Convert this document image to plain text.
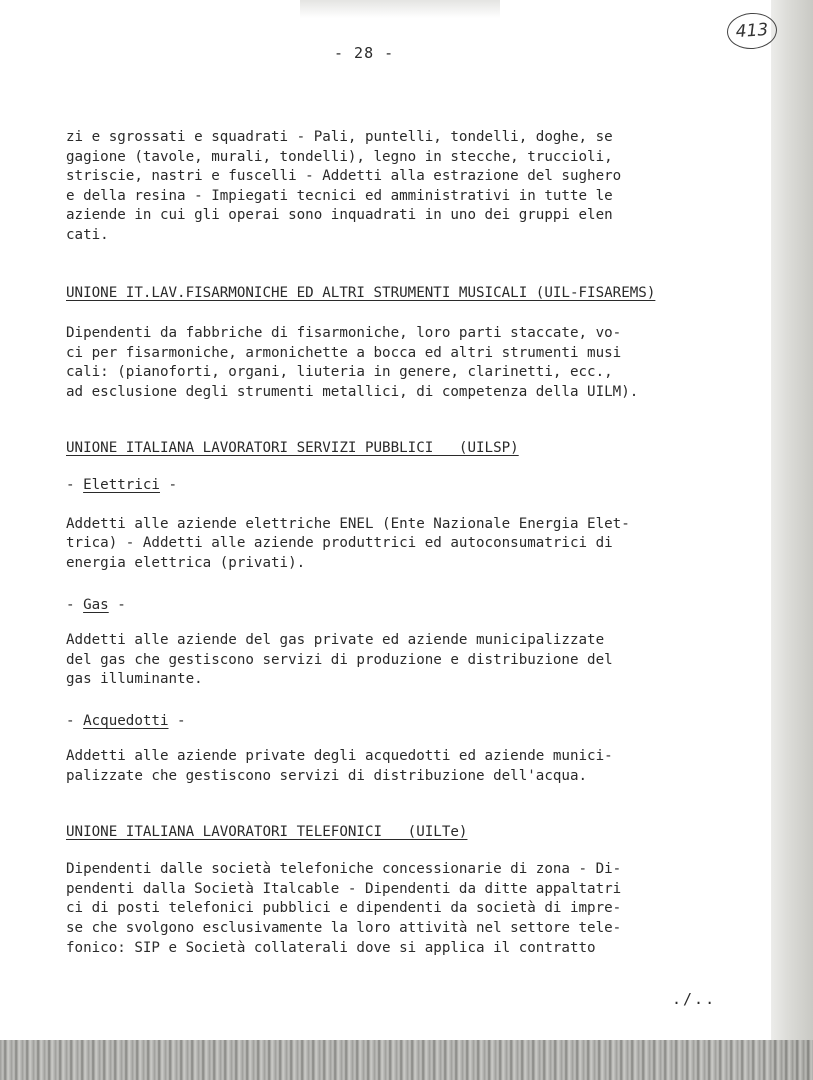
- 28 -
413

zi e sgrossati e squadrati - Pali, puntelli, tondelli, doghe, se

gagione (tavole, murali, tondelli), legno in stecche, truccioli,

striscie, nastri e fuscelli - Addetti alla estrazione del sughero

e della resina - Impiegati tecnici ed amministrativi in tutte le

aziende in cui gli operai sono inquadrati in uno dei gruppi elen

cati.

UNIONE IT.LAV.FISARMONICHE ED ALTRI STRUMENTI MUSICALI (UIL-FISAREMS)

Dipendenti da fabbriche di fisarmoniche, loro parti staccate, vo-

ci per fisarmoniche, armonichette a bocca ed altri strumenti musi

cali: (pianoforti, organi, liuteria in genere, clarinetti, ecc.,

ad esclusione degli strumenti metallici, di competenza della UILM).

UNIONE ITALIANA LAVORATORI SERVIZI PUBBLICI   (UILSP)

- Elettrici -

Addetti alle aziende elettriche ENEL (Ente Nazionale Energia Elet-

trica) - Addetti alle aziende produttrici ed autoconsumatrici di

energia elettrica (privati).

- Gas -

Addetti alle aziende del gas private ed aziende municipalizzate

del gas che gestiscono servizi di produzione e distribuzione del

gas illuminante.

- Acquedotti -

Addetti alle aziende private degli acquedotti ed aziende munici-

palizzate che gestiscono servizi di distribuzione dell'acqua.

UNIONE ITALIANA LAVORATORI TELEFONICI   (UILTe)

Dipendenti dalle società telefoniche concessionarie di zona - Di-

pendenti dalla Società Italcable - Dipendenti da ditte appaltatri

ci di posti telefonici pubblici e dipendenti da società di impre-

se che svolgono esclusivamente la loro attività nel settore tele-

fonico: SIP e Società collaterali dove si applica il contratto

./..
